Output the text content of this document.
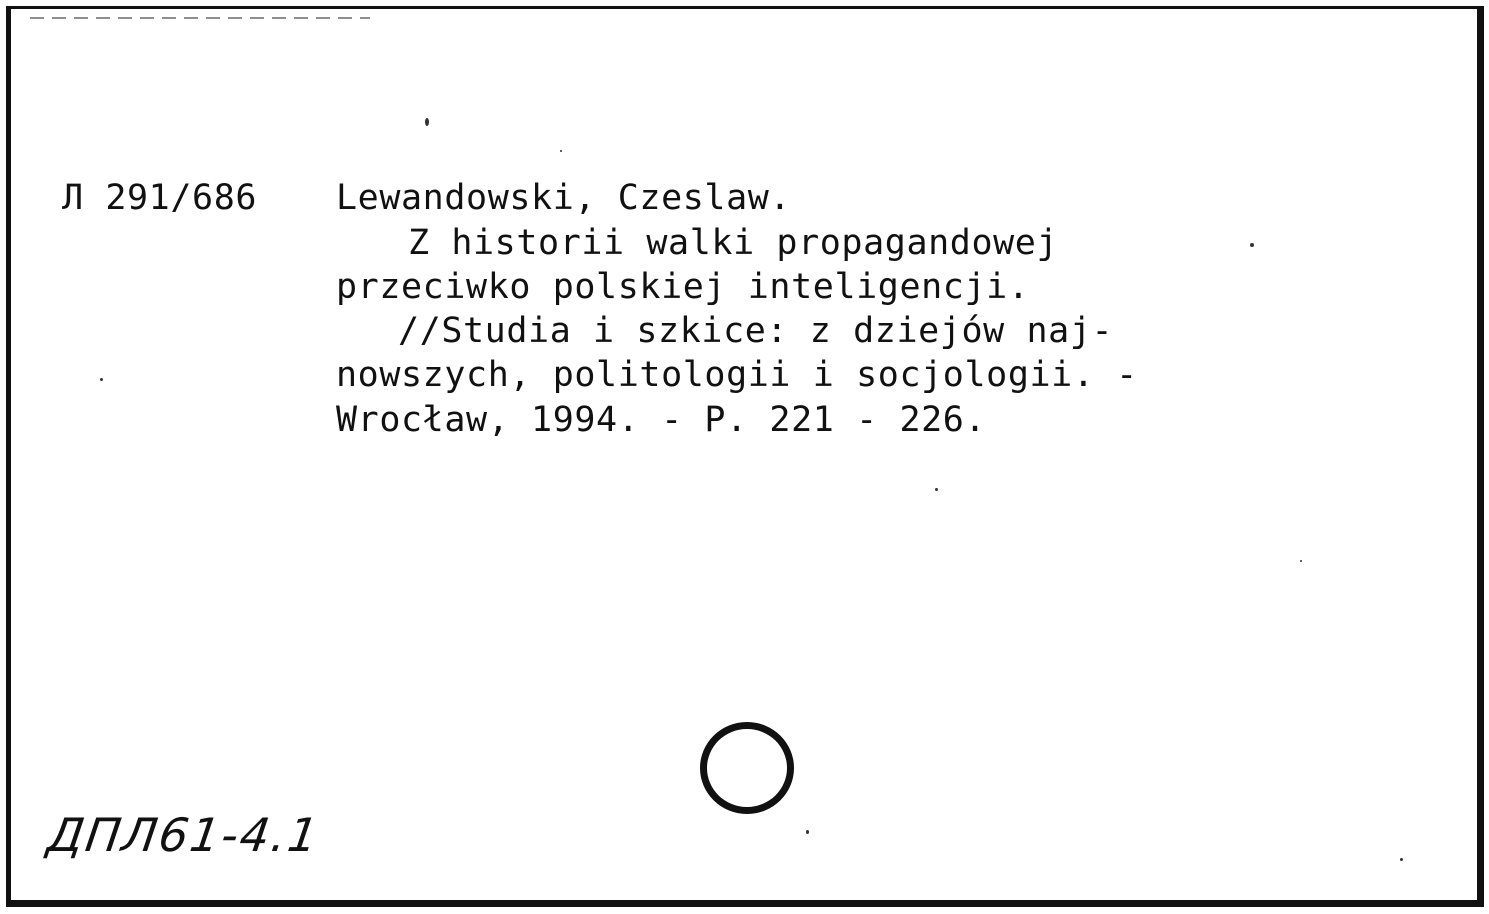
Л 291/686 Lewandowski, Czeslaw.
Z historii walki propagandowej
przeciwko polskiej inteligencji.
//Studia i szkice: z dziejów naj-
nowszych, politologii i socjologii. -
Wrocław, 1994. - P. 221 - 226.
ДПЛ61-4.1
